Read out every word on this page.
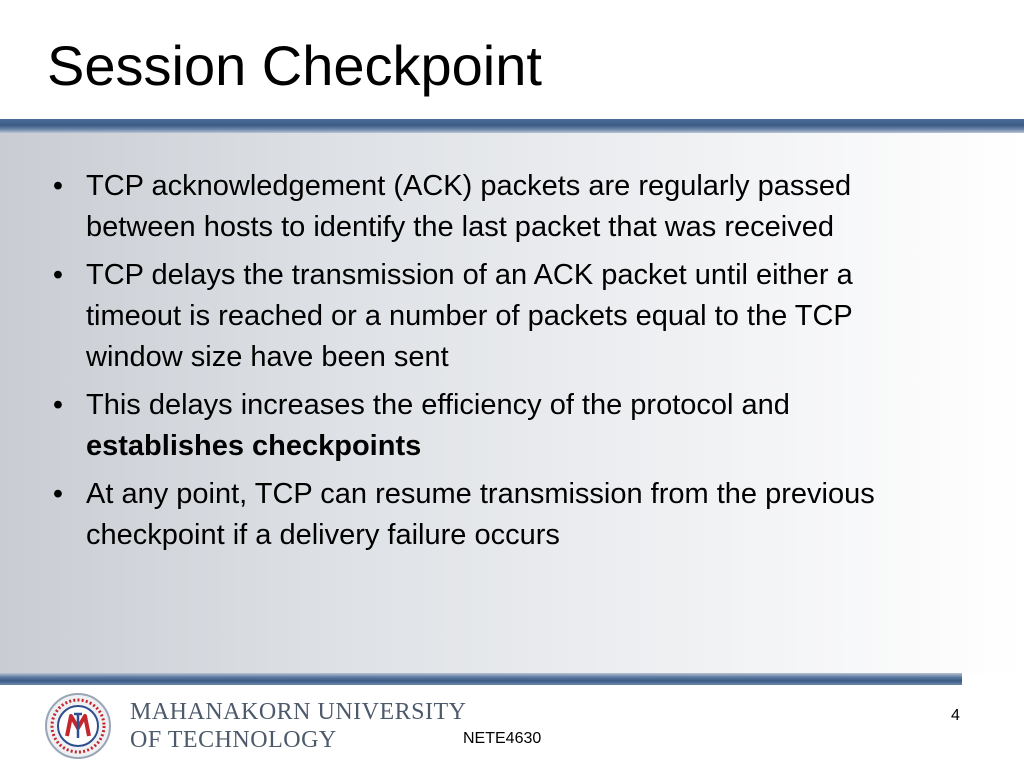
Session Checkpoint
• TCP acknowledgement (ACK) packets are regularly passed between hosts to identify the last packet that was received
• TCP delays the transmission of an ACK packet until either a timeout is reached or a number of packets equal to the TCP window size have been sent
• This delays increases the efficiency of the protocol and establishes checkpoints
• At any point, TCP can resume transmission from the previous checkpoint if a delivery failure occurs
MAHANAKORN UNIVERSITY
OF TECHNOLOGY	NETE4630
4
